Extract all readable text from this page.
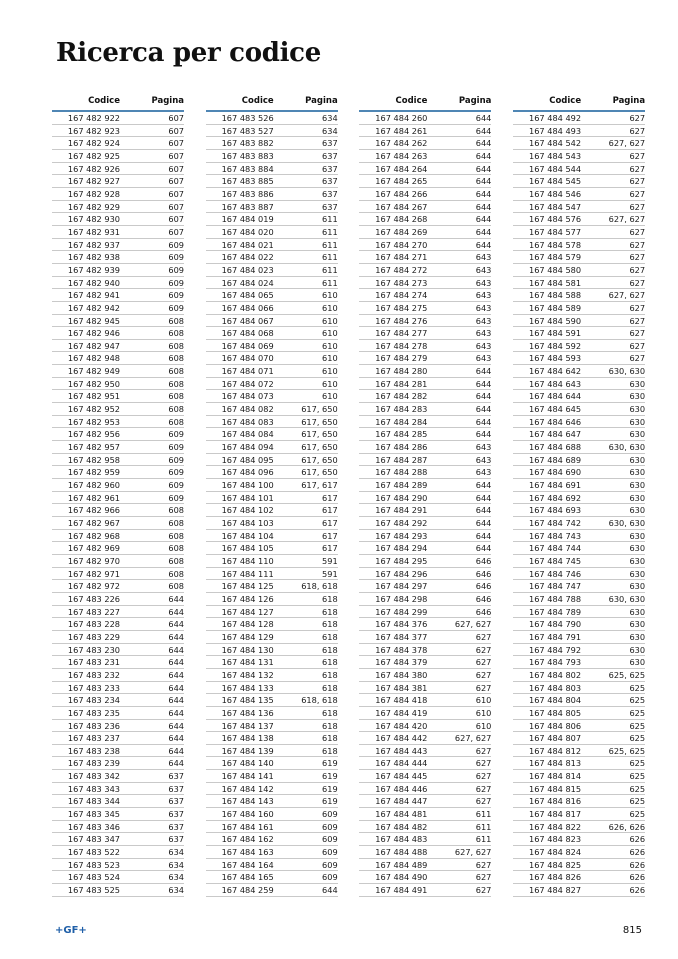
Ricerca per codice
Codice	Pagina
167 482 922	607
167 482 923	607
167 482 924	607
167 482 925	607
167 482 926	607
167 482 927	607
167 482 928	607
167 482 929	607
167 482 930	607
167 482 931	607
167 482 937	609
167 482 938	609
167 482 939	609
167 482 940	609
167 482 941	609
167 482 942	609
167 482 945	608
167 482 946	608
167 482 947	608
167 482 948	608
167 482 949	608
167 482 950	608
167 482 951	608
167 482 952	608
167 482 953	608
167 482 956	609
167 482 957	609
167 482 958	609
167 482 959	609
167 482 960	609
167 482 961	609
167 482 966	608
167 482 967	608
167 482 968	608
167 482 969	608
167 482 970	608
167 482 971	608
167 482 972	608
167 483 226	644
167 483 227	644
167 483 228	644
167 483 229	644
167 483 230	644
167 483 231	644
167 483 232	644
167 483 233	644
167 483 234	644
167 483 235	644
167 483 236	644
167 483 237	644
167 483 238	644
167 483 239	644
167 483 342	637
167 483 343	637
167 483 344	637
167 483 345	637
167 483 346	637
167 483 347	637
167 483 522	634
167 483 523	634
167 483 524	634
167 483 525	634
Codice	Pagina
167 483 526	634
167 483 527	634
167 483 882	637
167 483 883	637
167 483 884	637
167 483 885	637
167 483 886	637
167 483 887	637
167 484 019	611
167 484 020	611
167 484 021	611
167 484 022	611
167 484 023	611
167 484 024	611
167 484 065	610
167 484 066	610
167 484 067	610
167 484 068	610
167 484 069	610
167 484 070	610
167 484 071	610
167 484 072	610
167 484 073	610
167 484 082	617, 650
167 484 083	617, 650
167 484 084	617, 650
167 484 094	617, 650
167 484 095	617, 650
167 484 096	617, 650
167 484 100	617, 617
167 484 101	617
167 484 102	617
167 484 103	617
167 484 104	617
167 484 105	617
167 484 110	591
167 484 111	591
167 484 125	618, 618
167 484 126	618
167 484 127	618
167 484 128	618
167 484 129	618
167 484 130	618
167 484 131	618
167 484 132	618
167 484 133	618
167 484 135	618, 618
167 484 136	618
167 484 137	618
167 484 138	618
167 484 139	618
167 484 140	619
167 484 141	619
167 484 142	619
167 484 143	619
167 484 160	609
167 484 161	609
167 484 162	609
167 484 163	609
167 484 164	609
167 484 165	609
167 484 259	644
Codice	Pagina
167 484 260	644
167 484 261	644
167 484 262	644
167 484 263	644
167 484 264	644
167 484 265	644
167 484 266	644
167 484 267	644
167 484 268	644
167 484 269	644
167 484 270	644
167 484 271	643
167 484 272	643
167 484 273	643
167 484 274	643
167 484 275	643
167 484 276	643
167 484 277	643
167 484 278	643
167 484 279	643
167 484 280	644
167 484 281	644
167 484 282	644
167 484 283	644
167 484 284	644
167 484 285	644
167 484 286	643
167 484 287	643
167 484 288	643
167 484 289	644
167 484 290	644
167 484 291	644
167 484 292	644
167 484 293	644
167 484 294	644
167 484 295	646
167 484 296	646
167 484 297	646
167 484 298	646
167 484 299	646
167 484 376	627, 627
167 484 377	627
167 484 378	627
167 484 379	627
167 484 380	627
167 484 381	627
167 484 418	610
167 484 419	610
167 484 420	610
167 484 442	627, 627
167 484 443	627
167 484 444	627
167 484 445	627
167 484 446	627
167 484 447	627
167 484 481	611
167 484 482	611
167 484 483	611
167 484 488	627, 627
167 484 489	627
167 484 490	627
167 484 491	627
Codice	Pagina
167 484 492	627
167 484 493	627
167 484 542	627, 627
167 484 543	627
167 484 544	627
167 484 545	627
167 484 546	627
167 484 547	627
167 484 576	627, 627
167 484 577	627
167 484 578	627
167 484 579	627
167 484 580	627
167 484 581	627
167 484 588	627, 627
167 484 589	627
167 484 590	627
167 484 591	627
167 484 592	627
167 484 593	627
167 484 642	630, 630
167 484 643	630
167 484 644	630
167 484 645	630
167 484 646	630
167 484 647	630
167 484 688	630, 630
167 484 689	630
167 484 690	630
167 484 691	630
167 484 692	630
167 484 693	630
167 484 742	630, 630
167 484 743	630
167 484 744	630
167 484 745	630
167 484 746	630
167 484 747	630
167 484 788	630, 630
167 484 789	630
167 484 790	630
167 484 791	630
167 484 792	630
167 484 793	630
167 484 802	625, 625
167 484 803	625
167 484 804	625
167 484 805	625
167 484 806	625
167 484 807	625
167 484 812	625, 625
167 484 813	625
167 484 814	625
167 484 815	625
167 484 816	625
167 484 817	625
167 484 822	626, 626
167 484 823	626
167 484 824	626
167 484 825	626
167 484 826	626
167 484 827	626
+GF+	815
